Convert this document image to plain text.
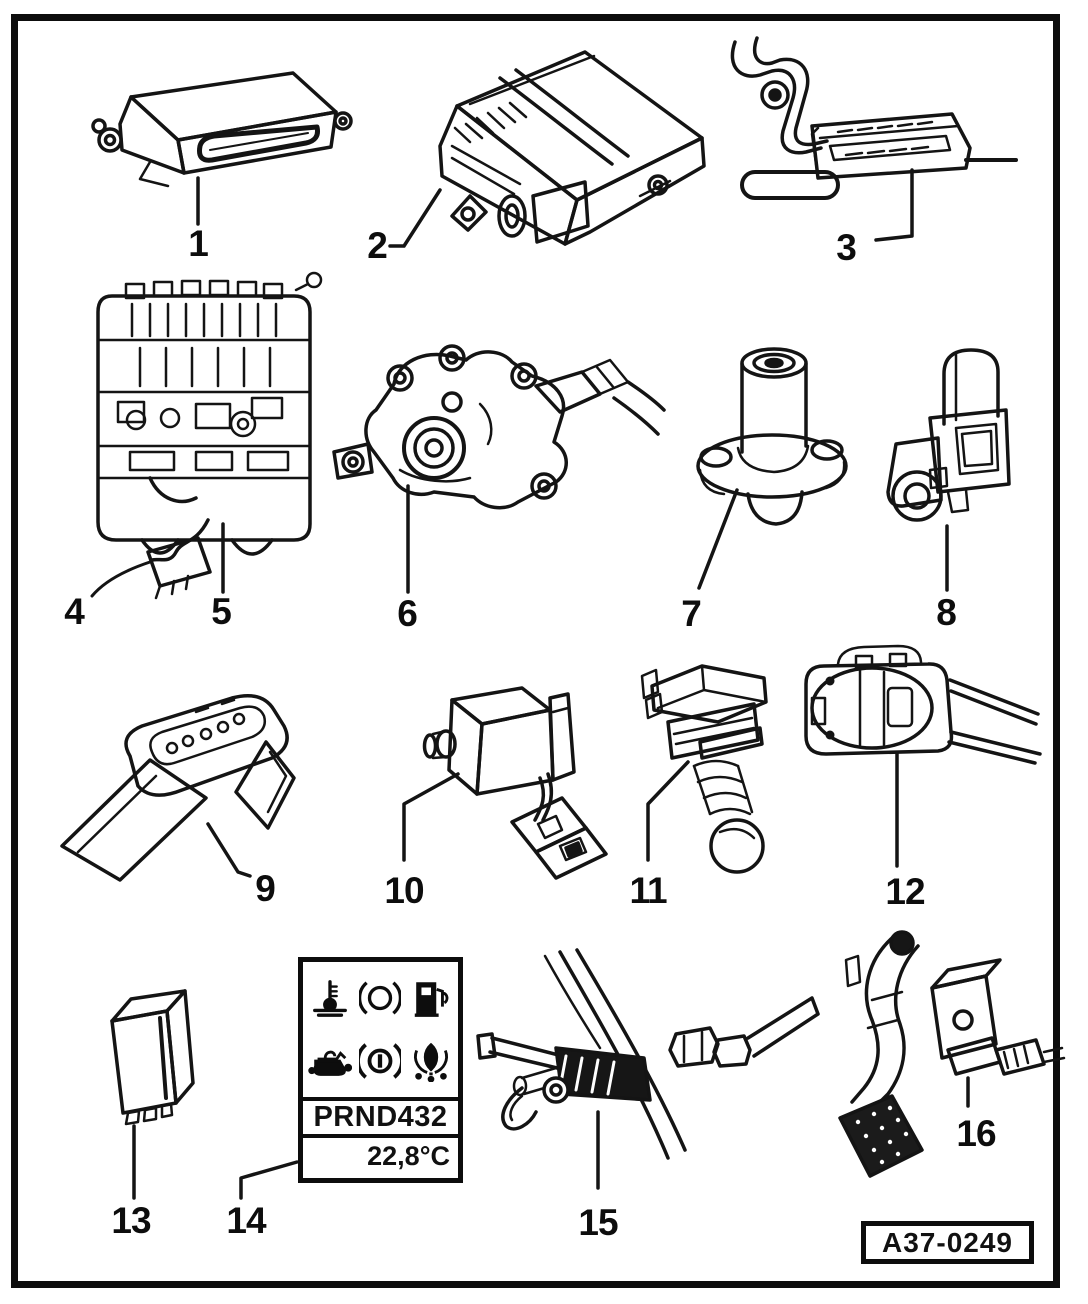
1	2	3
4	5	6	7	8
9	10	11	12
13 14	15
16
PRND432
22,8°C
A37-0249
